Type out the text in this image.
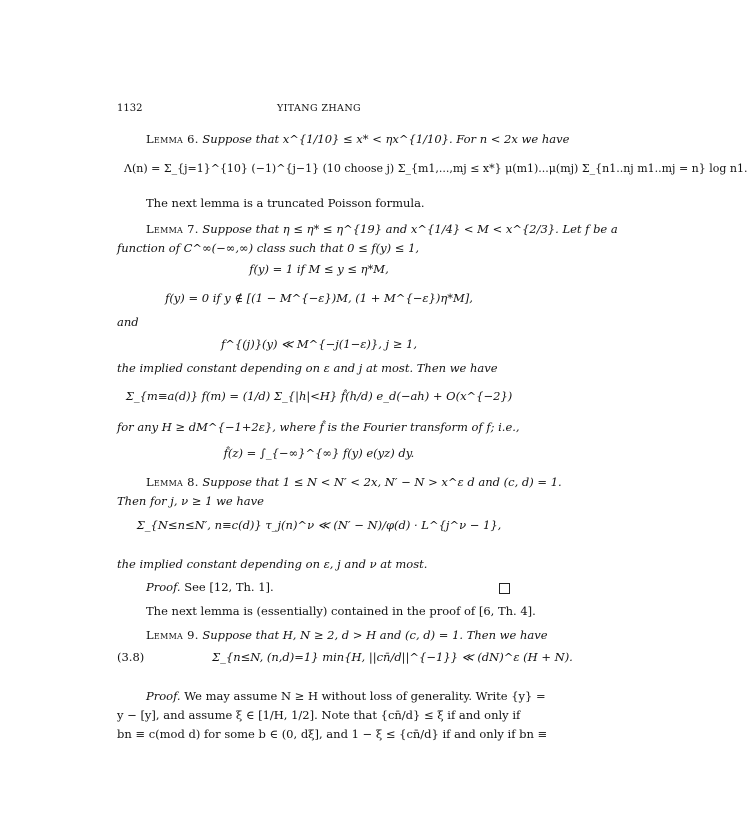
1132	YITANG ZHANG
Lemma 6. Suppose that x^{1/10} ≤ x* < ηx^{1/10}. For n < 2x we have
Λ(n) = Σ_{j=1}^{10} (−1)^{j−1} (10 choose j) Σ_{m1,...,mj ≤ x*} μ(m1)...μ(mj) Σ_{n1..nj m1..mj = n} log n1.
The next lemma is a truncated Poisson formula.
Lemma 7. Suppose that η ≤ η* ≤ η^{19} and x^{1/4} < M < x^{2/3}. Let f be a
function of C^∞(−∞,∞) class such that 0 ≤ f(y) ≤ 1,
f(y) = 1 if M ≤ y ≤ η*M,
f(y) = 0 if y ∉ [(1 − M^{−ε})M, (1 + M^{−ε})η*M],
and
f^{(j)}(y) ≪ M^{−j(1−ε)}, j ≥ 1,
the implied constant depending on ε and j at most. Then we have
Σ_{m≡a(d)} f(m) = (1/d) Σ_{|h|<H} f̂(h/d) e_d(−ah) + O(x^{−2})
for any H ≥ dM^{−1+2ε}, where f̂ is the Fourier transform of f; i.e.,
f̂(z) = ∫_{−∞}^{∞} f(y) e(yz) dy.
Lemma 8. Suppose that 1 ≤ N < N′ < 2x, N′ − N > x^ε d and (c, d) = 1.
Then for j, ν ≥ 1 we have
Σ_{N≤n≤N′, n≡c(d)} τ_j(n)^ν ≪ (N′ − N)/φ(d) · L^{j^ν − 1},
the implied constant depending on ε, j and ν at most.
Proof. See [12, Th. 1].
The next lemma is (essentially) contained in the proof of [6, Th. 4].
Lemma 9. Suppose that H, N ≥ 2, d > H and (c, d) = 1. Then we have
(3.8)	Σ_{n≤N, (n,d)=1} min{H, ||cn̄/d||^{−1}} ≪ (dN)^ε (H + N).
Proof. We may assume N ≥ H without loss of generality. Write {y} =
y − [y], and assume ξ ∈ [1/H, 1/2]. Note that {cn̄/d} ≤ ξ if and only if
bn ≡ c(mod d) for some b ∈ (0, dξ], and 1 − ξ ≤ {cn̄/d} if and only if bn ≡
